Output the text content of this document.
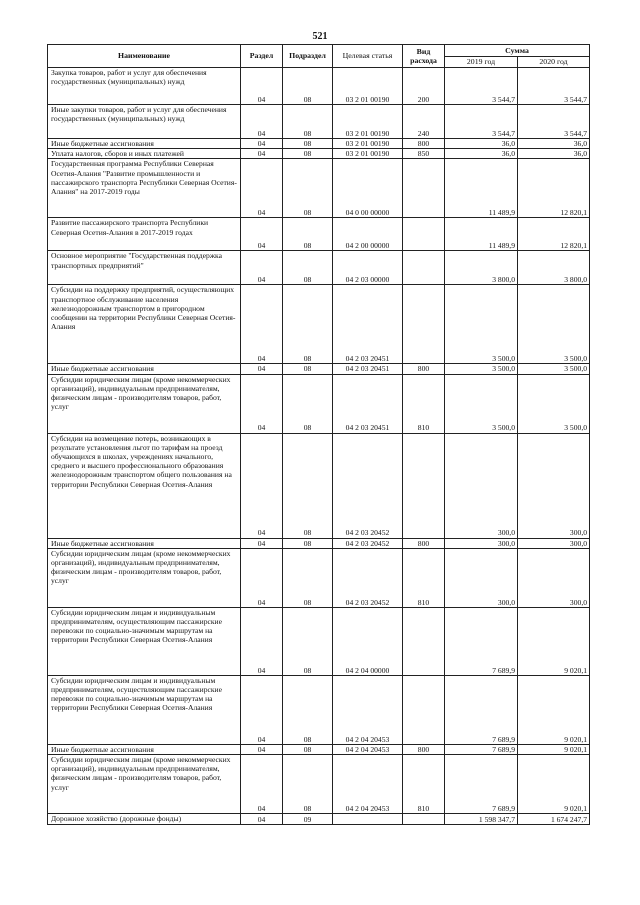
521
Наименование	Раздел	Подраздел	Целевая статья	Вид расхода	Сумма	
					2019 год	2020 год
Закупка товаров, работ и услуг для обеспечения государственных (муниципальных) нужд	04	08	03 2 01 00190	200	3 544,7	3 544,7
Иные закупки товаров, работ и услуг для обеспечения государственных (муниципальных) нужд	04	08	03 2 01 00190	240	3 544,7	3 544,7
Иные бюджетные ассигнования	04	08	03 2 01 00190	800	36,0	36,0
Уплата налогов, сборов и иных платежей	04	08	03 2 01 00190	850	36,0	36,0
Государственная программа Республики Северная Осетия-Алания "Развитие промышленности и пассажирского транспорта Республики Северная Осетия-Алания" на 2017-2019 годы	04	08	04 0 00 00000		11 489,9	12 820,1
Развитие пассажирского транспорта Республики Северная Осетия-Алания в 2017-2019 годах	04	08	04 2 00 00000		11 489,9	12 820,1
Основное мероприятие "Государственная поддержка транспортных предприятий"	04	08	04 2 03 00000		3 800,0	3 800,0
Субсидии на поддержку предприятий, осуществляющих транспортное обслуживание населения железнодорожным транспортом в пригородном сообщении на территории Республики Северная Осетия-Алания	04	08	04 2 03 20451		3 500,0	3 500,0
Иные бюджетные ассигнования	04	08	04 2 03 20451	800	3 500,0	3 500,0
Субсидии юридическим лицам (кроме некоммерческих организаций), индивидуальным предпринимателям, физическим лицам - производителям товаров, работ, услуг	04	08	04 2 03 20451	810	3 500,0	3 500,0
Субсидии на возмещение потерь, возникающих в результате установления льгот по тарифам на проезд обучающихся в школах, учреждениях начального, среднего и высшего профессионального образования железнодорожным транспортом общего пользования на территории Республики Северная Осетия-Алания	04	08	04 2 03 20452		300,0	300,0
Иные бюджетные ассигнования	04	08	04 2 03 20452	800	300,0	300,0
Субсидии юридическим лицам (кроме некоммерческих организаций), индивидуальным предпринимателям, физическим лицам - производителям товаров, работ, услуг	04	08	04 2 03 20452	810	300,0	300,0
Субсидии юридическим лицам и индивидуальным предпринимателям, осуществляющим пассажирские перевозки по социально-значимым маршрутам на территории Республики Северная Осетия-Алания	04	08	04 2 04 00000		7 689,9	9 020,1
Субсидии юридическим лицам и индивидуальным предпринимателям, осуществляющим пассажирские перевозки по социально-значимым маршрутам на территории Республики Северная Осетия-Алания	04	08	04 2 04 20453		7 689,9	9 020,1
Иные бюджетные ассигнования	04	08	04 2 04 20453	800	7 689,9	9 020,1
Субсидии юридическим лицам (кроме некоммерческих организаций), индивидуальным предпринимателям, физическим лицам - производителям товаров, работ, услуг	04	08	04 2 04 20453	810	7 689,9	9 020,1
Дорожное хозяйство (дорожные фонды)	04	09			1 598 347,7	1 674 247,7
